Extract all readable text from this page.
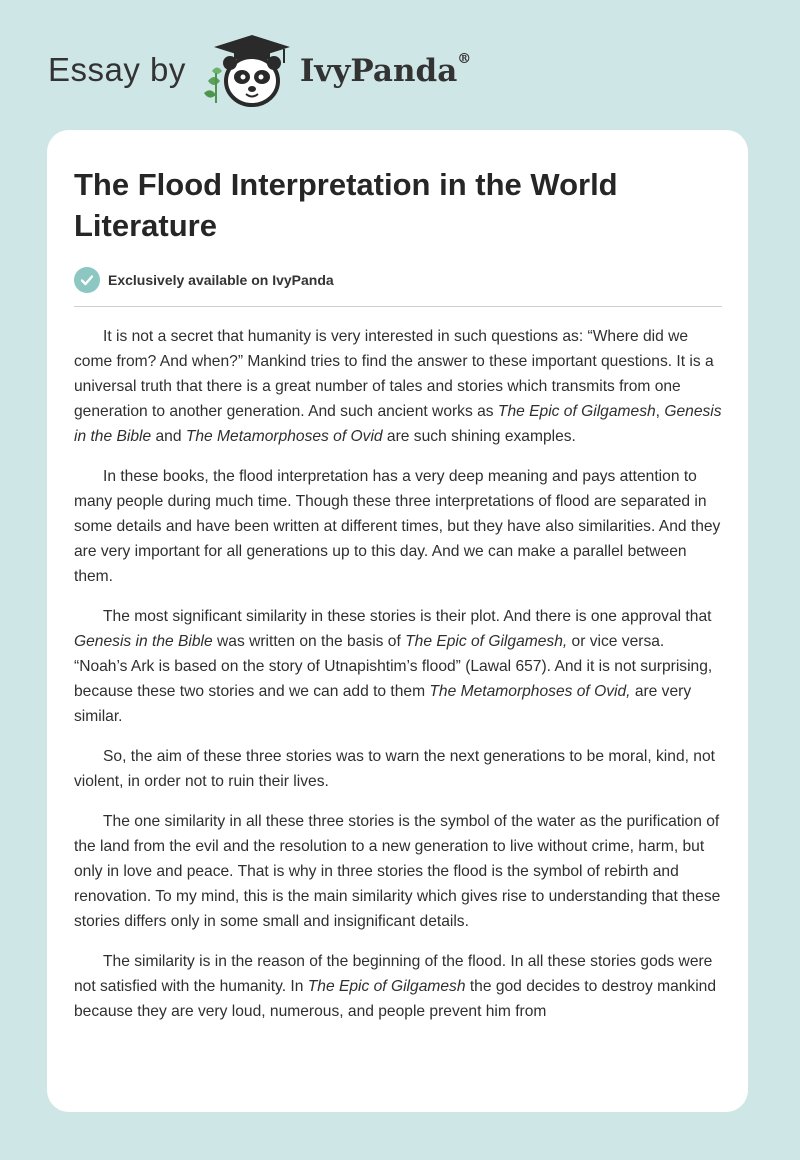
Essay by	IvyPanda®
The Flood Interpretation in the World Literature
Exclusively available on IvyPanda

It is not a secret that humanity is very interested in such questions as: “Where did we come from? And when?” Mankind tries to find the answer to these important questions. It is a universal truth that there is a great number of tales and stories which transmits from one generation to another generation. And such ancient works as The Epic of Gilgamesh, Genesis in the Bible and The Metamorphoses of Ovid are such shining examples.

In these books, the flood interpretation has a very deep meaning and pays attention to many people during much time. Though these three interpretations of flood are separated in some details and have been written at different times, but they have also similarities. And they are very important for all generations up to this day. And we can make a parallel between them.

The most significant similarity in these stories is their plot. And there is one approval that Genesis in the Bible was written on the basis of The Epic of Gilgamesh, or vice versa. “Noah’s Ark is based on the story of Utnapishtim’s flood” (Lawal 657). And it is not surprising, because these two stories and we can add to them The Metamorphoses of Ovid, are very similar.

So, the aim of these three stories was to warn the next generations to be moral, kind, not violent, in order not to ruin their lives.

The one similarity in all these three stories is the symbol of the water as the purification of the land from the evil and the resolution to a new generation to live without crime, harm, but only in love and peace. That is why in three stories the flood is the symbol of rebirth and renovation. To my mind, this is the main similarity which gives rise to understanding that these stories differs only in some small and insignificant details.

The similarity is in the reason of the beginning of the flood. In all these stories gods were not satisfied with the humanity. In The Epic of Gilgamesh the god decides to destroy mankind because they are very loud, numerous, and people prevent him from
